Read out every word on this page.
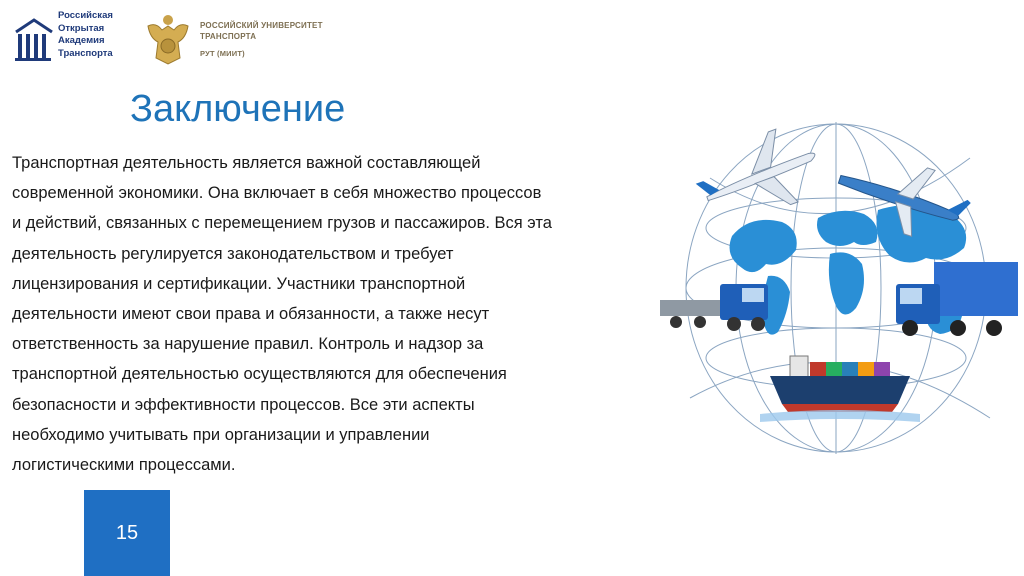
Российская
Открытая
Академия
Транспорта
РОССИЙСКИЙ УНИВЕРСИТЕТ
ТРАНСПОРТА
РУТ (МИИТ)
Заключение
Транспортная деятельность является важной составляющей
современной экономики. Она включает в себя множество процессов
и действий, связанных с перемещением грузов и пассажиров. Вся эта
деятельность регулируется законодательством и требует
лицензирования и сертификации. Участники транспортной
деятельности имеют свои права и обязанности, а также несут
ответственность за нарушение правил. Контроль и надзор за
транспортной деятельностью осуществляются для обеспечения
безопасности и эффективности процессов. Все эти аспекты
необходимо учитывать при организации и управлении
логистическими процессами.
15
